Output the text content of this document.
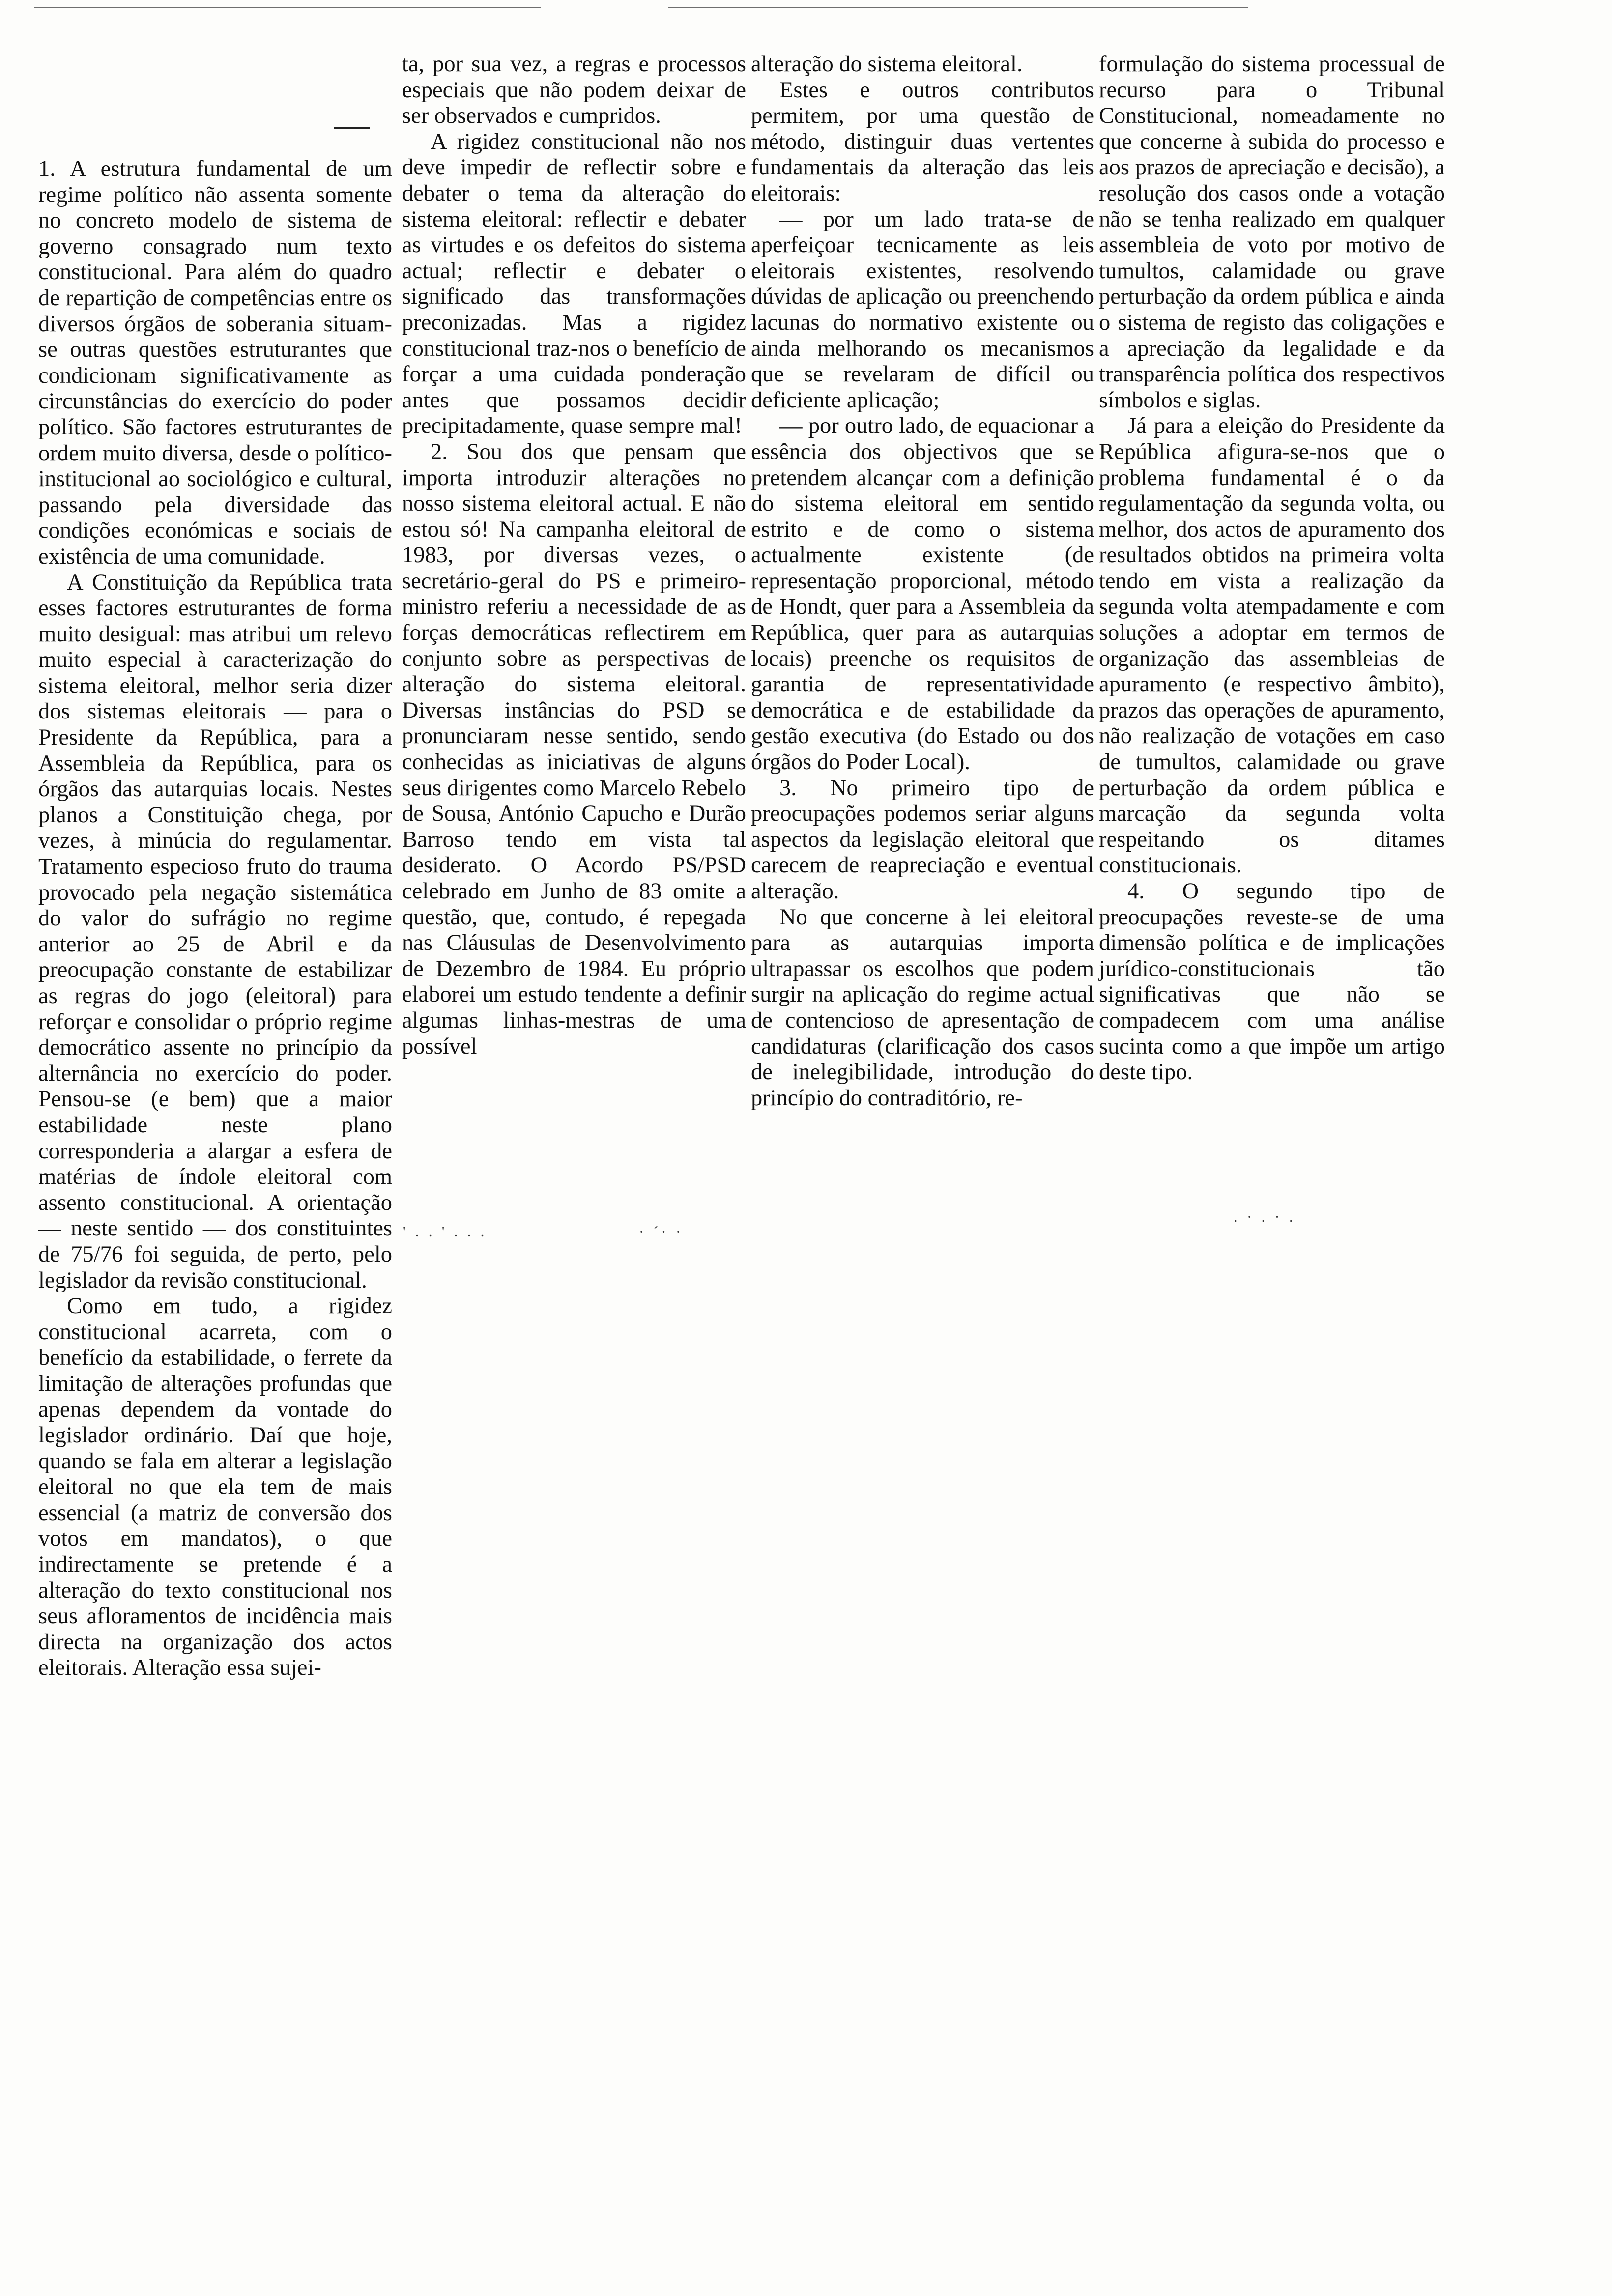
1. A estrutura fundamental de um regime político não assenta somente no concreto modelo de sistema de governo consagrado num texto constitucional. Para além do quadro de repartição de competências entre os diversos órgãos de soberania situam-se outras questões estruturantes que condicionam significativamente as circunstâncias do exercício do poder político. São factores estruturantes de ordem muito diversa, desde o político-institucional ao sociológico e cultural, passando pela diversidade das condições económicas e sociais de existência de uma comunidade.

A Constituição da República trata esses factores estruturantes de forma muito desigual: mas atribui um relevo muito especial à caracterização do sistema eleitoral, melhor seria dizer dos sistemas eleitorais — para o Presidente da República, para a Assembleia da República, para os órgãos das autarquias locais. Nestes planos a Constituição chega, por vezes, à minúcia do regulamentar. Tratamento especioso fruto do trauma provocado pela negação sistemática do valor do sufrágio no regime anterior ao 25 de Abril e da preocupação constante de estabilizar as regras do jogo (eleitoral) para reforçar e consolidar o próprio regime democrático assente no princípio da alternância no exercício do poder. Pensou-se (e bem) que a maior estabilidade neste plano corresponderia a alargar a esfera de matérias de índole eleitoral com assento constitucional. A orientação — neste sentido — dos constituintes de 75/76 foi seguida, de perto, pelo legislador da revisão constitucional.

Como em tudo, a rigidez constitucional acarreta, com o benefício da estabilidade, o ferrete da limitação de alterações profundas que apenas dependem da vontade do legislador ordinário. Daí que hoje, quando se fala em alterar a legislação eleitoral no que ela tem de mais essencial (a matriz de conversão dos votos em mandatos), o que indirectamente se pretende é a alteração do texto constitucional nos seus afloramentos de incidência mais directa na organização dos actos eleitorais. Alteração essa sujei-

ta, por sua vez, a regras e processos especiais que não podem deixar de ser observados e cumpridos.

A rigidez constitucional não nos deve impedir de reflectir sobre e debater o tema da alteração do sistema eleitoral: reflectir e debater as virtudes e os defeitos do sistema actual; reflectir e debater o significado das transformações preconizadas. Mas a rigidez constitucional traz-nos o benefício de forçar a uma cuidada ponderação antes que possamos decidir precipitadamente, quase sempre mal!

2. Sou dos que pensam que importa introduzir alterações no nosso sistema eleitoral actual. E não estou só! Na campanha eleitoral de 1983, por diversas vezes, o secretário-geral do PS e primeiro-ministro referiu a necessidade de as forças democráticas reflectirem em conjunto sobre as perspectivas de alteração do sistema eleitoral. Diversas instâncias do PSD se pronunciaram nesse sentido, sendo conhecidas as iniciativas de alguns seus dirigentes como Marcelo Rebelo de Sousa, António Capucho e Durão Barroso tendo em vista tal desiderato. O Acordo PS/PSD celebrado em Junho de 83 omite a questão, que, contudo, é repegada nas Cláusulas de Desenvolvimento de Dezembro de 1984. Eu próprio elaborei um estudo tendente a definir algumas linhas-mestras de uma possível

alteração do sistema eleitoral.

Estes e outros contributos permitem, por uma questão de método, distinguir duas vertentes fundamentais da alteração das leis eleitorais:

— por um lado trata-se de aperfeiçoar tecnicamente as leis eleitorais existentes, resolvendo dúvidas de aplicação ou preenchendo lacunas do normativo existente ou ainda melhorando os mecanismos que se revelaram de difícil ou deficiente aplicação;

— por outro lado, de equacionar a essência dos objectivos que se pretendem alcançar com a definição do sistema eleitoral em sentido estrito e de como o sistema actualmente existente (de representação proporcional, método de Hondt, quer para a Assembleia da República, quer para as autarquias locais) preenche os requisitos de garantia de representatividade democrática e de estabilidade da gestão executiva (do Estado ou dos órgãos do Poder Local).

3. No primeiro tipo de preocupações podemos seriar alguns aspectos da legislação eleitoral que carecem de reapreciação e eventual alteração.

No que concerne à lei eleitoral para as autarquias importa ultrapassar os escolhos que podem surgir na aplicação do regime actual de contencioso de apresentação de candidaturas (clarificação dos casos de inelegibilidade, introdução do princípio do contraditório, re-

formulação do sistema processual de recurso para o Tribunal Constitucional, nomeadamente no que concerne à subida do processo e aos prazos de apreciação e decisão), a resolução dos casos onde a votação não se tenha realizado em qualquer assembleia de voto por motivo de tumultos, calamidade ou grave perturbação da ordem pública e ainda o sistema de registo das coligações e a apreciação da legalidade e da transparência política dos respectivos símbolos e siglas.

Já para a eleição do Presidente da República afigura-se-nos que o problema fundamental é o da regulamentação da segunda volta, ou melhor, dos actos de apuramento dos resultados obtidos na primeira volta tendo em vista a realização da segunda volta atempadamente e com soluções a adoptar em termos de organização das assembleias de apuramento (e respectivo âmbito), prazos das operações de apuramento, não realização de votações em caso de tumultos, calamidade ou grave perturbação da ordem pública e marcação da segunda volta respeitando os ditames constitucionais.

4. O segundo tipo de preocupações reveste-se de uma dimensão política e de implicações jurídico-constitucionais tão significativas que não se compadecem com uma análise sucinta como a que impõe um artigo deste tipo.

' . . ' . . .	· ´· ·
. · . · .
